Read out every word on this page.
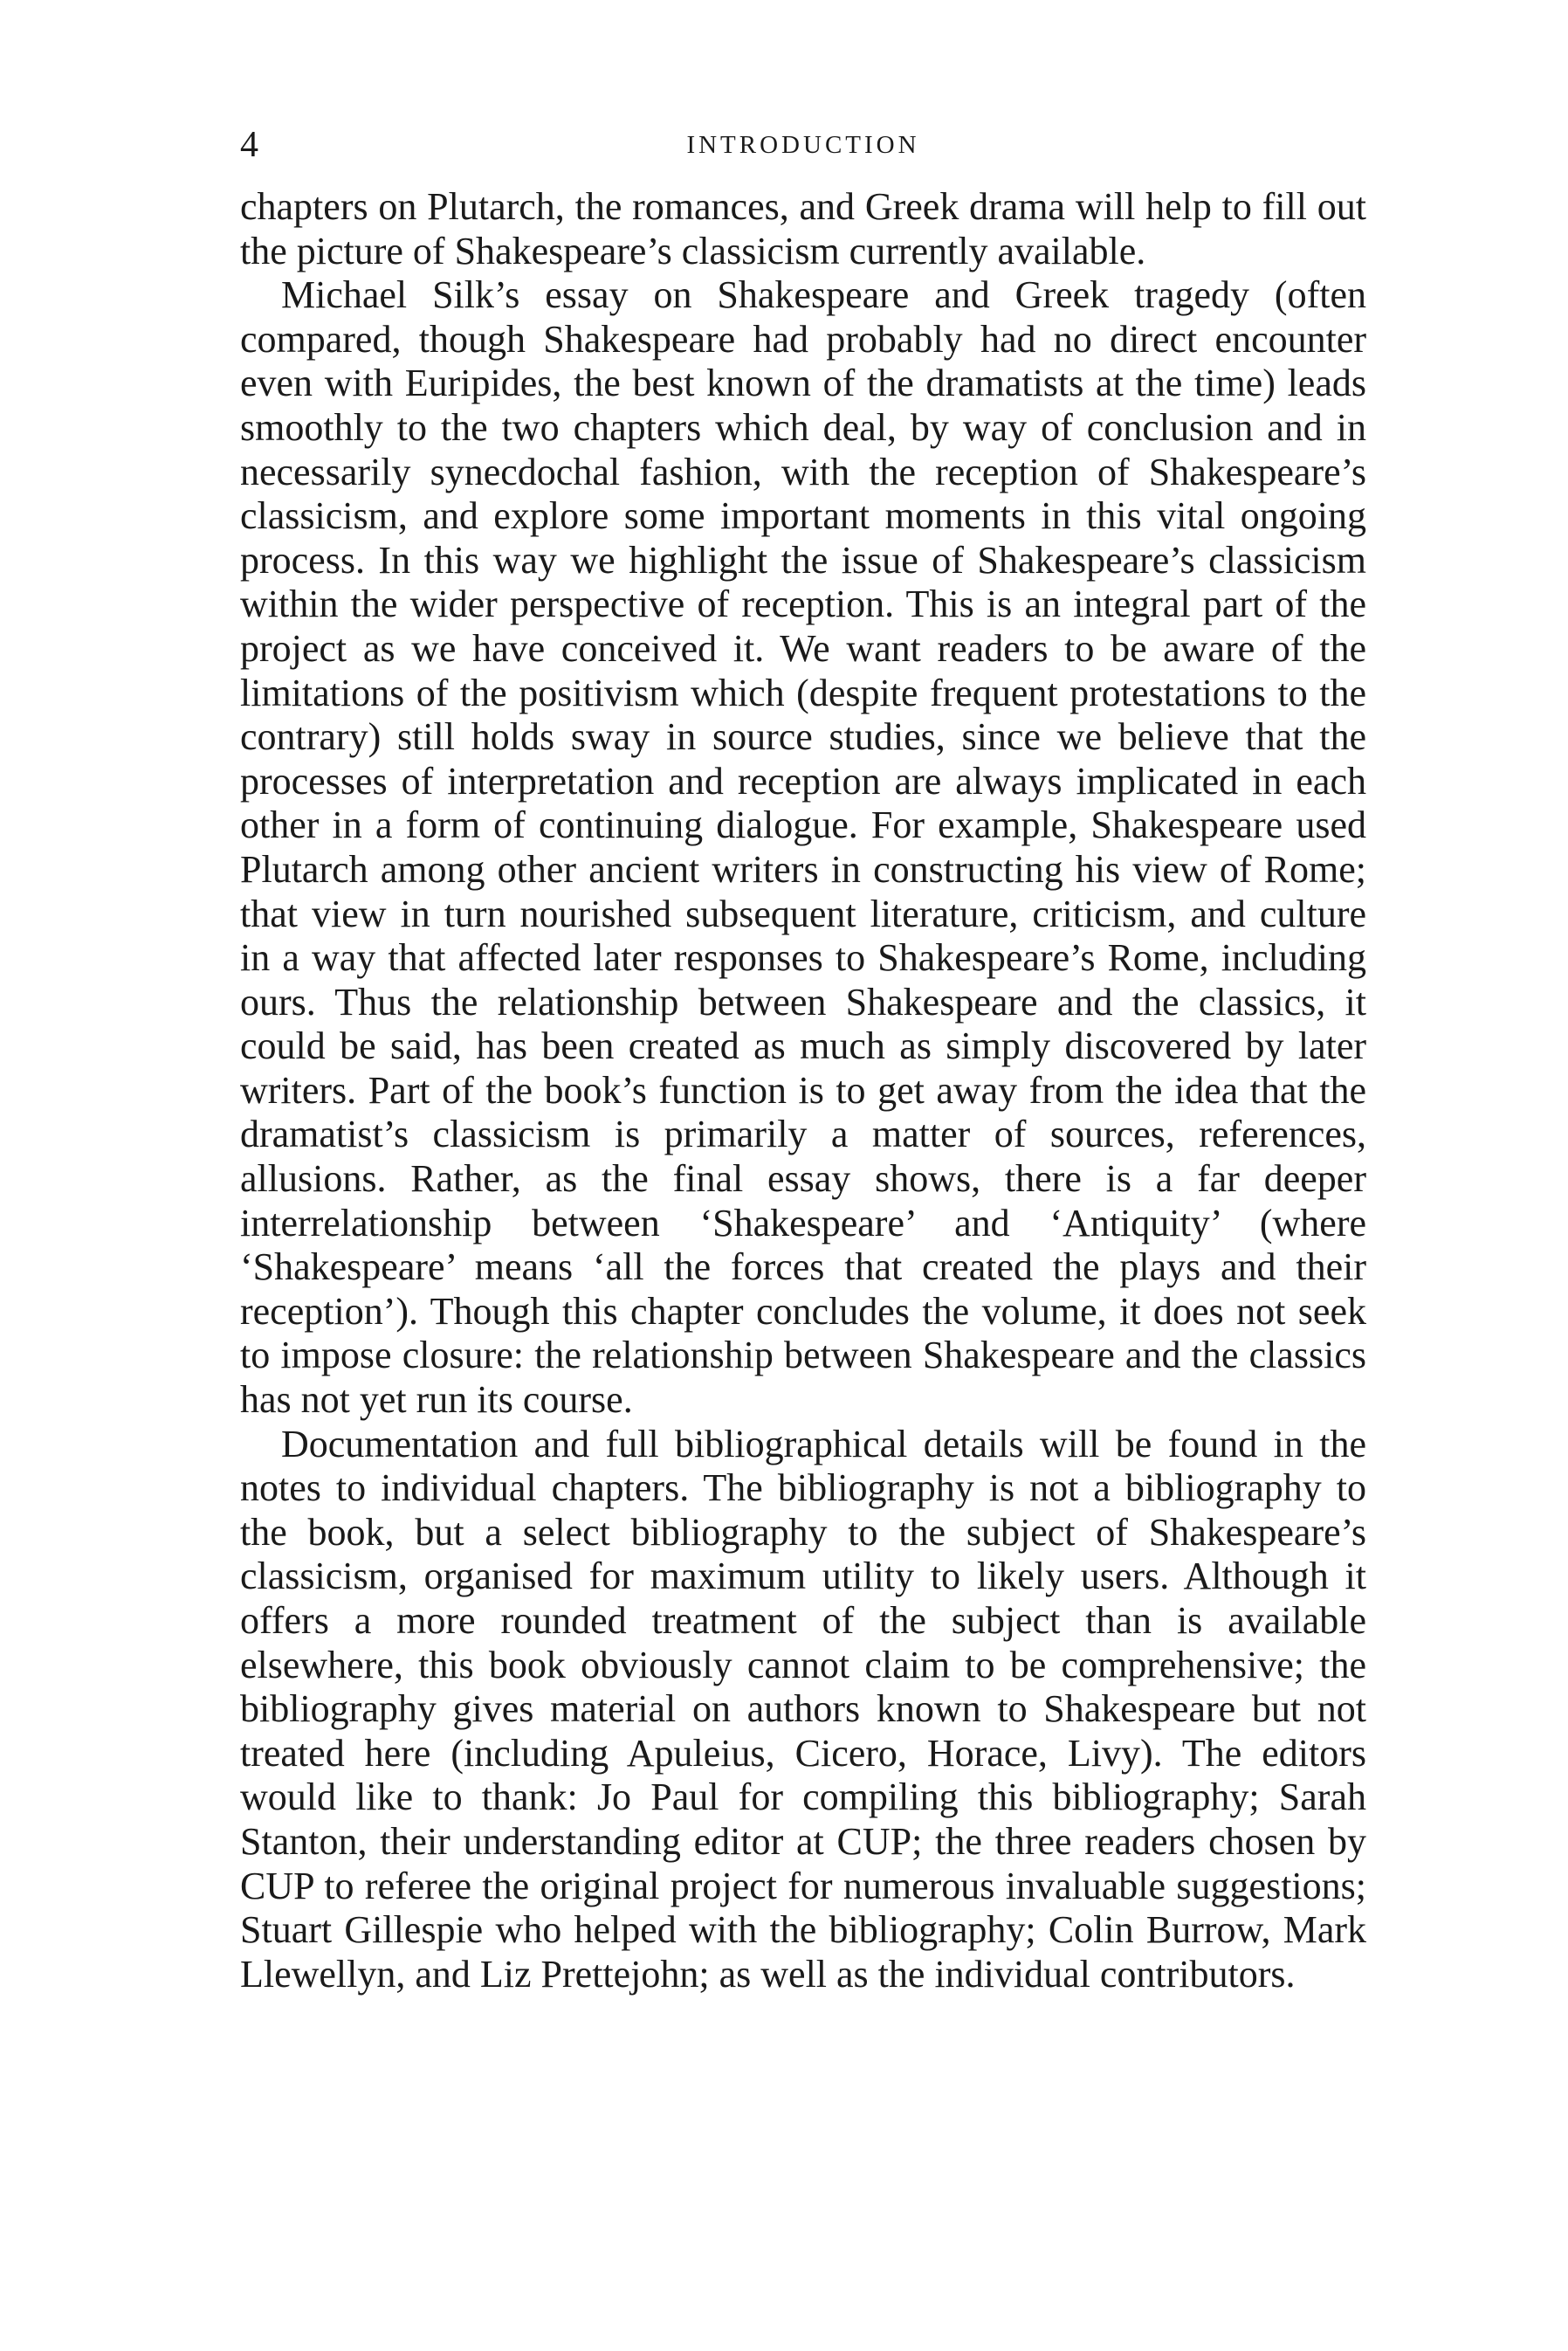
4	INTRODUCTION

chapters on Plutarch, the romances, and Greek drama will help to fill out the picture of Shakespeare’s classicism currently available.

Michael Silk’s essay on Shakespeare and Greek tragedy (often compared, though Shakespeare had probably had no direct encounter even with Euripides, the best known of the dramatists at the time) leads smoothly to the two chapters which deal, by way of conclusion and in necessarily synecdochal fashion, with the reception of Shakespeare’s classicism, and explore some important moments in this vital ongoing process. In this way we highlight the issue of Shakespeare’s classicism within the wider perspective of reception. This is an integral part of the project as we have conceived it. We want readers to be aware of the limitations of the positivism which (despite frequent protestations to the contrary) still holds sway in source studies, since we believe that the processes of interpretation and reception are always implicated in each other in a form of continuing dialogue. For example, Shakespeare used Plutarch among other ancient writers in constructing his view of Rome; that view in turn nourished subsequent literature, criticism, and culture in a way that affected later responses to Shakespeare’s Rome, including ours. Thus the relationship between Shakespeare and the classics, it could be said, has been created as much as simply discovered by later writers. Part of the book’s function is to get away from the idea that the dramatist’s classicism is primarily a matter of sources, references, allusions. Rather, as the final essay shows, there is a far deeper interrelationship between ‘Shakespeare’ and ‘Antiquity’ (where ‘Shakespeare’ means ‘all the forces that created the plays and their reception’). Though this chapter concludes the volume, it does not seek to impose closure: the relationship between Shakespeare and the classics has not yet run its course.

Documentation and full bibliographical details will be found in the notes to individual chapters. The bibliography is not a bibliography to the book, but a select bibliography to the subject of Shakespeare’s classicism, organised for maximum utility to likely users. Although it offers a more rounded treatment of the subject than is available elsewhere, this book obviously cannot claim to be comprehensive; the bibliography gives material on authors known to Shakespeare but not treated here (including Apuleius, Cicero, Horace, Livy). The editors would like to thank: Jo Paul for compiling this bibliography; Sarah Stanton, their understanding editor at CUP; the three readers chosen by CUP to referee the original project for numerous invaluable suggestions; Stuart Gillespie who helped with the bibliography; Colin Burrow, Mark Llewellyn, and Liz Prettejohn; as well as the individual contributors.
